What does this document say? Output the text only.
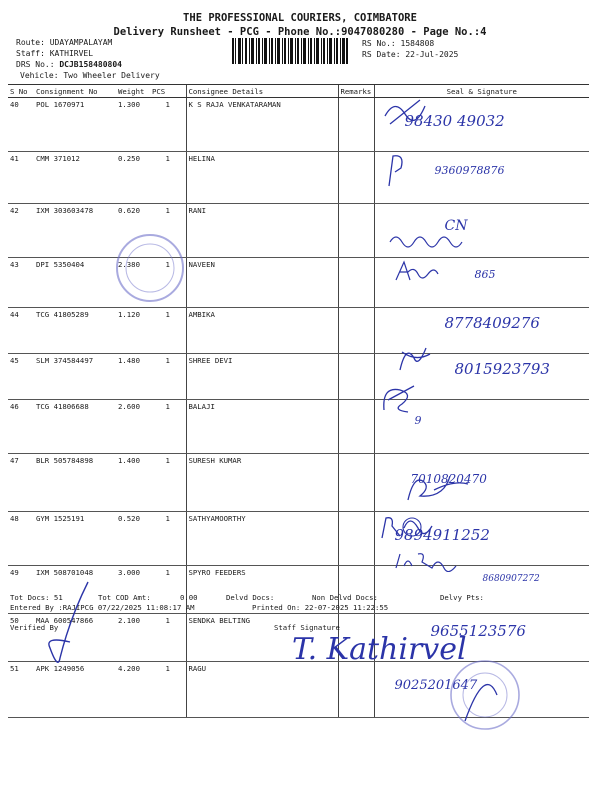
THE PROFESSIONAL COURIERS, COIMBATORE
Delivery Runsheet - PCG - Phone No.:9047080280 - Page No.:4
Route: UDAYAMPALAYAM
Staff: KATHIRVEL
DRS No.: DCJB158480804
Vehicle: Two Wheeler Delivery
RS No.: 1584808
RS Date: 22-Jul-2025
S No	Consignment No	Weight	PCS	Consignee Details	Remarks	Seal & Signature
40	POL 1670971	1.300	1	K S RAJA VENKATARAMAN		98430 49032
41	CMM 371012	0.250	1	HELINA		9360978876
42	IXM 303603478	0.620	1	RANI		CN
43	DPI 5350404	2.380	1	NAVEEN		865
44	TCG 41805289	1.120	1	AMBIKA		8778409276
45	SLM 374584497	1.480	1	SHREE DEVI		8015923793
46	TCG 41806688	2.600	1	BALAJI		9
47	BLR 505784898	1.400	1	SURESH KUMAR		7010820470
48	GYM 1525191	0.520	1	SATHYAMOORTHY		9894911252
49	IXM 508701048	3.000	1	SPYRO FEEDERS		8680907272
50	MAA 600547866	2.100	1	SENDKA BELTING		9655123576
51	APK 1249056	4.200	1	RAGU		9025201647
Tot Docs: 51	Tot COD Amt:	0.00	Delvd Docs:	Non Delvd Docs:	Delvy Pts:
Entered By :RAJIPCG 07/22/2025 11:08:17 AM	Printed On: 22-07-2025 11:22:55
Verified By	Staff Signature
T. Kathirvel
